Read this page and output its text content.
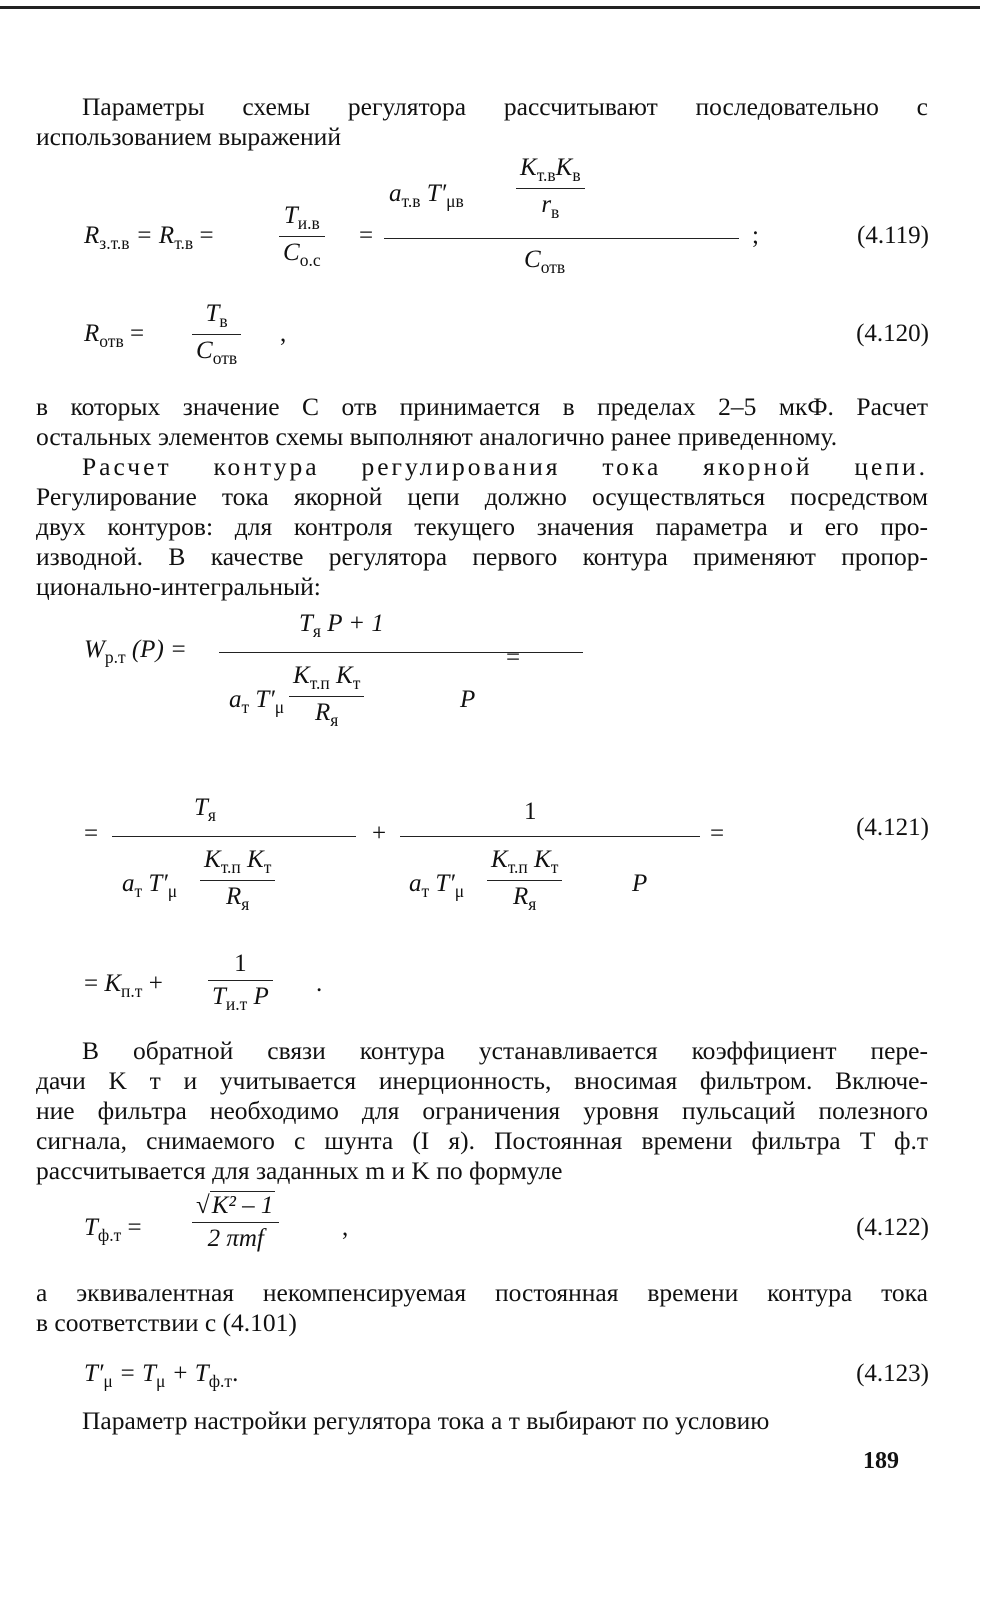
Параметры схемы регулятора рассчитывают последовательно с
использованием выражений
$R_{з.т.в} = R_{т.в}$ =
$T_{и.в}$
$C_{о.с}$
=
$a_{т.в}$ $T'_{\mu в}$
$K_{т.в}K_в$
$r_в$
$C_{отв}$
;	(4.119)
$R_{отв}$ =
$T_в$
$C_{отв}$
,	(4.120)
в которых значение C отв принимается в пределах 2–5 мкФ. Расчет
остальных элементов схемы выполняют аналогично ранее приведенному.
Расчет контура регулирования тока якорной цепи.
Регулирование тока якорной цепи должно осуществляться посредством
двух контуров: для контроля текущего значения параметра и его про-
изводной. В качестве регулятора первого контура применяют пропор-
ционально-интегральный:
$W_{р.т}$ (P) =
$T_я$ P + 1
=
$a_т$ $T'_\mu$
$K_{т.п}$ $K_т$
$R_я$
P
=
$T_я$
$a_т$ $T'_\mu$
$K_{т.п}$ $K_т$
$R_я$
+
1
=
$a_т$ $T'_\mu$
$K_{т.п}$ $K_т$
$R_я$
P
(4.121)
= $K_{п.т}$ +
1
$T_{и.т}$ P .
В обратной связи контура устанавливается коэффициент пере-
дачи K т и учитывается инерционность, вносимая фильтром. Включе-
ние фильтра необходимо для ограничения уровня пульсаций полезного
сигнала, снимаемого с шунта (I я). Постоянная времени фильтра T ф.т
рассчитывается для заданных m и K по формуле
$T_{ф.т}$ =
√K² – 1
2 πmf	,	(4.122)
а эквивалентная некомпенсируемая постоянная времени контура тока
в соответствии с (4.101)
$T'_\mu = T_\mu + T_{ф.т}$.	(4.123)
Параметр настройки регулятора тока a т выбирают по условию
189
